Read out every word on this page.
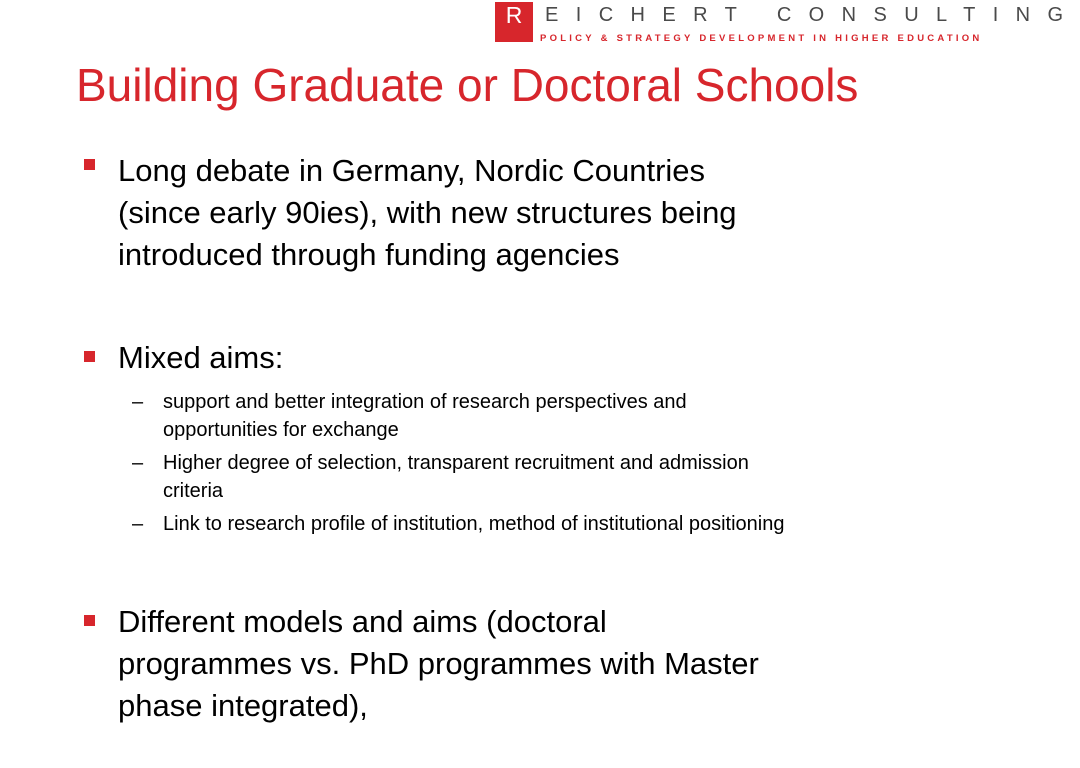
R	EICHERT CONSULTING
POLICY & STRATEGY DEVELOPMENT IN HIGHER EDUCATION
Building Graduate or Doctoral Schools
Long debate in Germany, Nordic Countries
(since early 90ies), with new structures being
introduced through funding agencies
Mixed aims:
– support and better integration of research perspectives and
opportunities for exchange
– Higher degree of selection, transparent recruitment and admission
criteria
– Link to research profile of institution, method of institutional positioning
Different models and aims (doctoral
programmes vs. PhD programmes with Master
phase integrated),
